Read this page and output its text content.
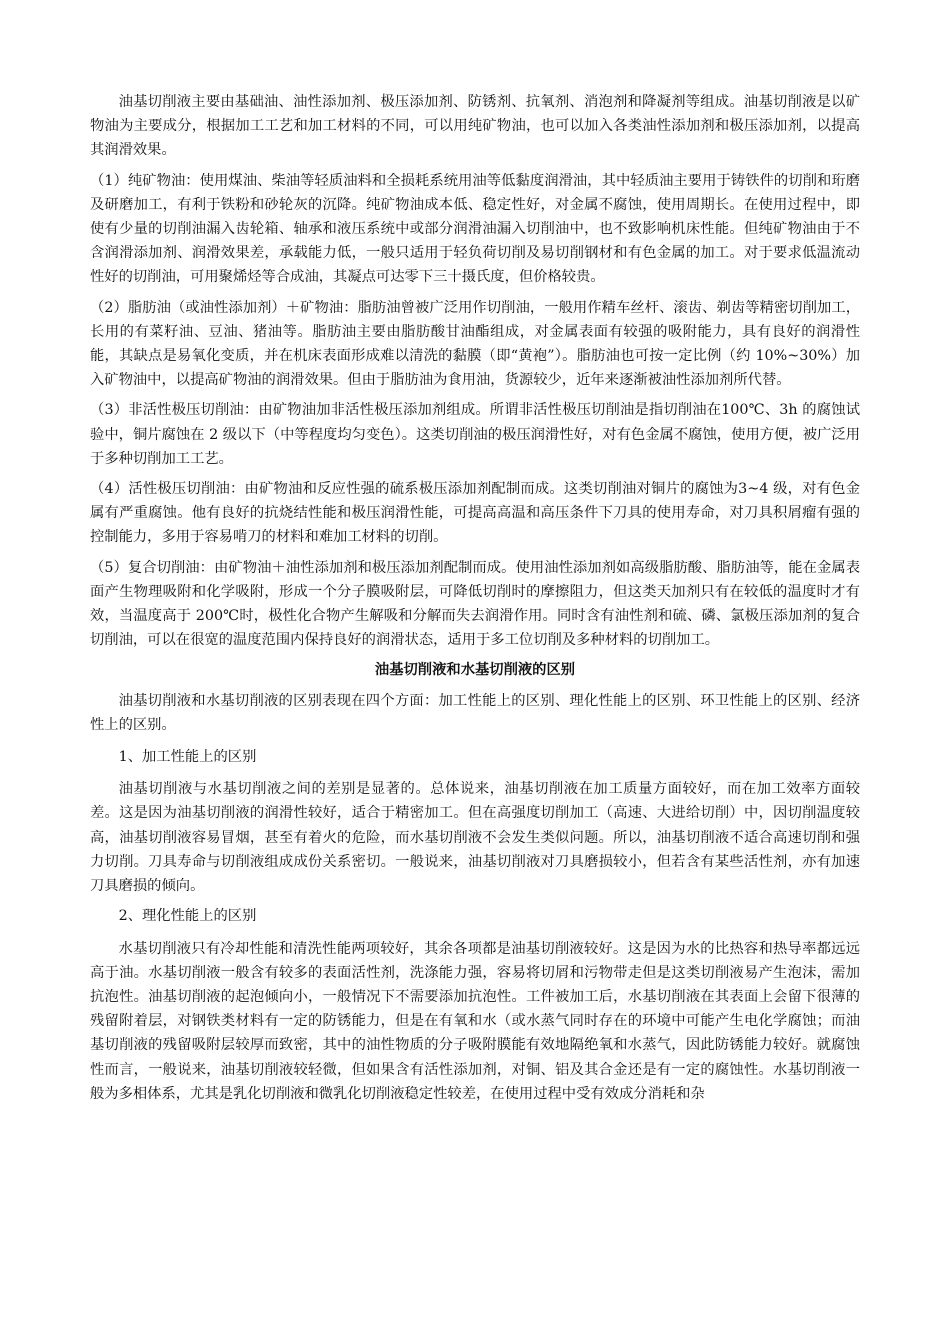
油基切削液主要由基础油、油性添加剂、极压添加剂、防锈剂、抗氧剂、消泡剂和降凝剂等组成。油基切削液是以矿物油为主要成分，根据加工工艺和加工材料的不同，可以用纯矿物油，也可以加入各类油性添加剂和极压添加剂，以提高其润滑效果。

（1）纯矿物油：使用煤油、柴油等轻质油料和全损耗系统用油等低黏度润滑油，其中轻质油主要用于铸铁件的切削和珩磨及研磨加工，有利于铁粉和砂轮灰的沉降。纯矿物油成本低、稳定性好，对金属不腐蚀，使用周期长。在使用过程中，即使有少量的切削油漏入齿轮箱、轴承和液压系统中或部分润滑油漏入切削油中，也不致影响机床性能。但纯矿物油由于不含润滑添加剂、润滑效果差，承载能力低，一般只适用于轻负荷切削及易切削钢材和有色金属的加工。对于要求低温流动性好的切削油，可用聚烯烃等合成油，其凝点可达零下三十摄氏度，但价格较贵。

（2）脂肪油（或油性添加剂）＋矿物油：脂肪油曾被广泛用作切削油，一般用作精车丝杆、滚齿、剃齿等精密切削加工，长用的有菜籽油、豆油、猪油等。脂肪油主要由脂肪酸甘油酯组成，对金属表面有较强的吸附能力，具有良好的润滑性能，其缺点是易氧化变质，并在机床表面形成难以清洗的黏膜（即“黄袍”）。脂肪油也可按一定比例（约 10%~30%）加入矿物油中，以提高矿物油的润滑效果。但由于脂肪油为食用油，货源较少，近年来逐渐被油性添加剂所代替。

（3）非活性极压切削油：由矿物油加非活性极压添加剂组成。所谓非活性极压切削油是指切削油在100℃、3h 的腐蚀试验中，铜片腐蚀在 2 级以下（中等程度均匀变色）。这类切削油的极压润滑性好，对有色金属不腐蚀，使用方便，被广泛用于多种切削加工工艺。

（4）活性极压切削油：由矿物油和反应性强的硫系极压添加剂配制而成。这类切削油对铜片的腐蚀为3~4 级，对有色金属有严重腐蚀。他有良好的抗烧结性能和极压润滑性能，可提高高温和高压条件下刀具的使用寿命，对刀具积屑瘤有强的控制能力，多用于容易啃刀的材料和难加工材料的切削。

（5）复合切削油：由矿物油＋油性添加剂和极压添加剂配制而成。使用油性添加剂如高级脂肪酸、脂肪油等，能在金属表面产生物理吸附和化学吸附，形成一个分子膜吸附层，可降低切削时的摩擦阻力，但这类天加剂只有在较低的温度时才有效，当温度高于 200℃时，极性化合物产生解吸和分解而失去润滑作用。同时含有油性剂和硫、磷、氯极压添加剂的复合切削油，可以在很宽的温度范围内保持良好的润滑状态，适用于多工位切削及多种材料的切削加工。

油基切削液和水基切削液的区别

油基切削液和水基切削液的区别表现在四个方面：加工性能上的区别、理化性能上的区别、环卫性能上的区别、经济性上的区别。

1、加工性能上的区别

油基切削液与水基切削液之间的差别是显著的。总体说来，油基切削液在加工质量方面较好，而在加工效率方面较差。这是因为油基切削液的润滑性较好，适合于精密加工。但在高强度切削加工（高速、大进给切削）中，因切削温度较高，油基切削液容易冒烟，甚至有着火的危险，而水基切削液不会发生类似问题。所以，油基切削液不适合高速切削和强力切削。刀具寿命与切削液组成成份关系密切。一般说来，油基切削液对刀具磨损较小，但若含有某些活性剂，亦有加速刀具磨损的倾向。

2、理化性能上的区别

水基切削液只有冷却性能和清洗性能两项较好，其余各项都是油基切削液较好。这是因为水的比热容和热导率都远远高于油。水基切削液一般含有较多的表面活性剂，洗涤能力强，容易将切屑和污物带走但是这类切削液易产生泡沫，需加抗泡性。油基切削液的起泡倾向小，一般情况下不需要添加抗泡性。工件被加工后，水基切削液在其表面上会留下很薄的残留附着层，对钢铁类材料有一定的防锈能力，但是在有氧和水（或水蒸气同时存在的环境中可能产生电化学腐蚀；而油基切削液的残留吸附层较厚而致密，其中的油性物质的分子吸附膜能有效地隔绝氧和水蒸气，因此防锈能力较好。就腐蚀性而言，一般说来，油基切削液较轻微，但如果含有活性添加剂，对铜、铝及其合金还是有一定的腐蚀性。水基切削液一般为多相体系，尤其是乳化切削液和微乳化切削液稳定性较差，在使用过程中受有效成分消耗和杂
